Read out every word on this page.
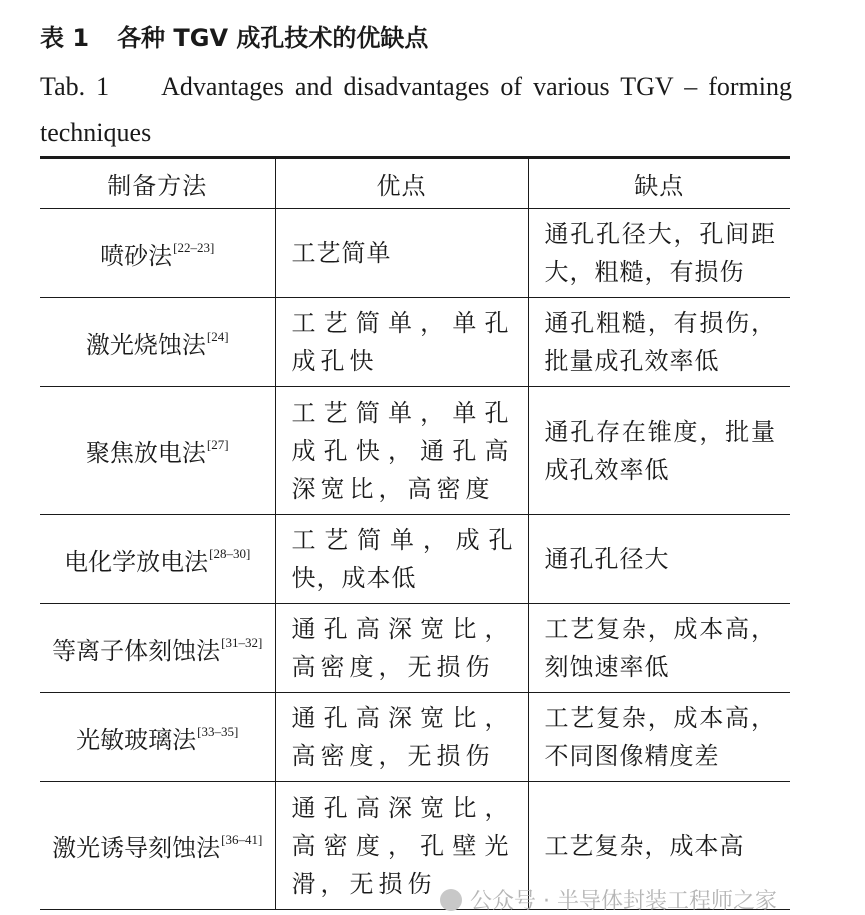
表 1 各种 TGV 成孔技术的优缺点
Tab. 1 Advantages and disadvantages of various TGV – forming techniques
制备方法	优点	缺点
喷砂法[22–23]	工艺简单	通孔孔径大，孔间距大，粗糙，有损伤
激光烧蚀法[24]	工艺简单，单孔成孔快	通孔粗糙，有损伤，批量成孔效率低
聚焦放电法[27]	工艺简单，单孔成孔快，通孔高深宽比，高密度	通孔存在锥度，批量成孔效率低
电化学放电法[28–30]	工艺简单，成孔快，成本低	通孔孔径大
等离子体刻蚀法[31–32]	通孔高深宽比，高密度，无损伤	工艺复杂，成本高，刻蚀速率低
光敏玻璃法[33–35]	通孔高深宽比，高密度，无损伤	工艺复杂，成本高，不同图像精度差
激光诱导刻蚀法[36–41]	通孔高深宽比，高密度，孔壁光滑，无损伤	工艺复杂，成本高
公众号 · 半导体封装工程师之家
